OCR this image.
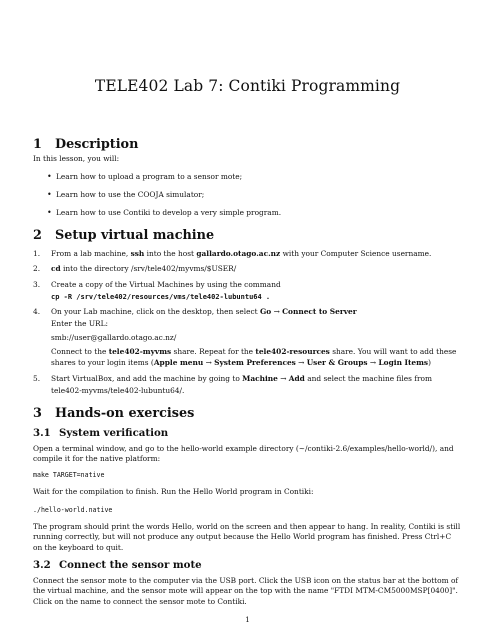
TELE402 Lab 7: Contiki Programming
1 Description
In this lesson, you will:
• Learn how to upload a program to a sensor mote;
• Learn how to use the COOJA simulator;
• Learn how to use Contiki to develop a very simple program.
2 Setup virtual machine
1.	From a lab machine, ssh into the host gallardo.otago.ac.nz with your Computer Science username.
2.	cd into the directory /srv/tele402/myvms/$USER/
3.	Create a copy of the Virtual Machines by using the command
cp -R /srv/tele402/resources/vms/tele402-lubuntu64 .
4.	On your Lab machine, click on the desktop, then select Go → Connect to Server
Enter the URL:
smb://user@gallardo.otago.ac.nz/
Connect to the tele402-myvms share. Repeat for the tele402-resources share. You will want to add these
shares to your login items (Apple menu → System Preferences → User & Groups → Login Items)
5.	Start VirtualBox, and add the machine by going to Machine → Add and select the machine files from
tele402-myvms/tele402-lubuntu64/.
3 Hands-on exercises
3.1 System verification
Open a terminal window, and go to the hello-world example directory (~/contiki-2.6/examples/hello-world/), and
compile it for the native platform:
make TARGET=native
Wait for the compilation to finish. Run the Hello World program in Contiki:
./hello-world.native
The program should print the words Hello, world on the screen and then appear to hang. In reality, Contiki is still
running correctly, but will not produce any output because the Hello World program has finished. Press Ctrl+C
on the keyboard to quit.
3.2 Connect the sensor mote
Connect the sensor mote to the computer via the USB port. Click the USB icon on the status bar at the bottom of
the virtual machine, and the sensor mote will appear on the top with the name "FTDI MTM-CM5000MSP[0400]".
Click on the name to connect the sensor mote to Contiki.
1
